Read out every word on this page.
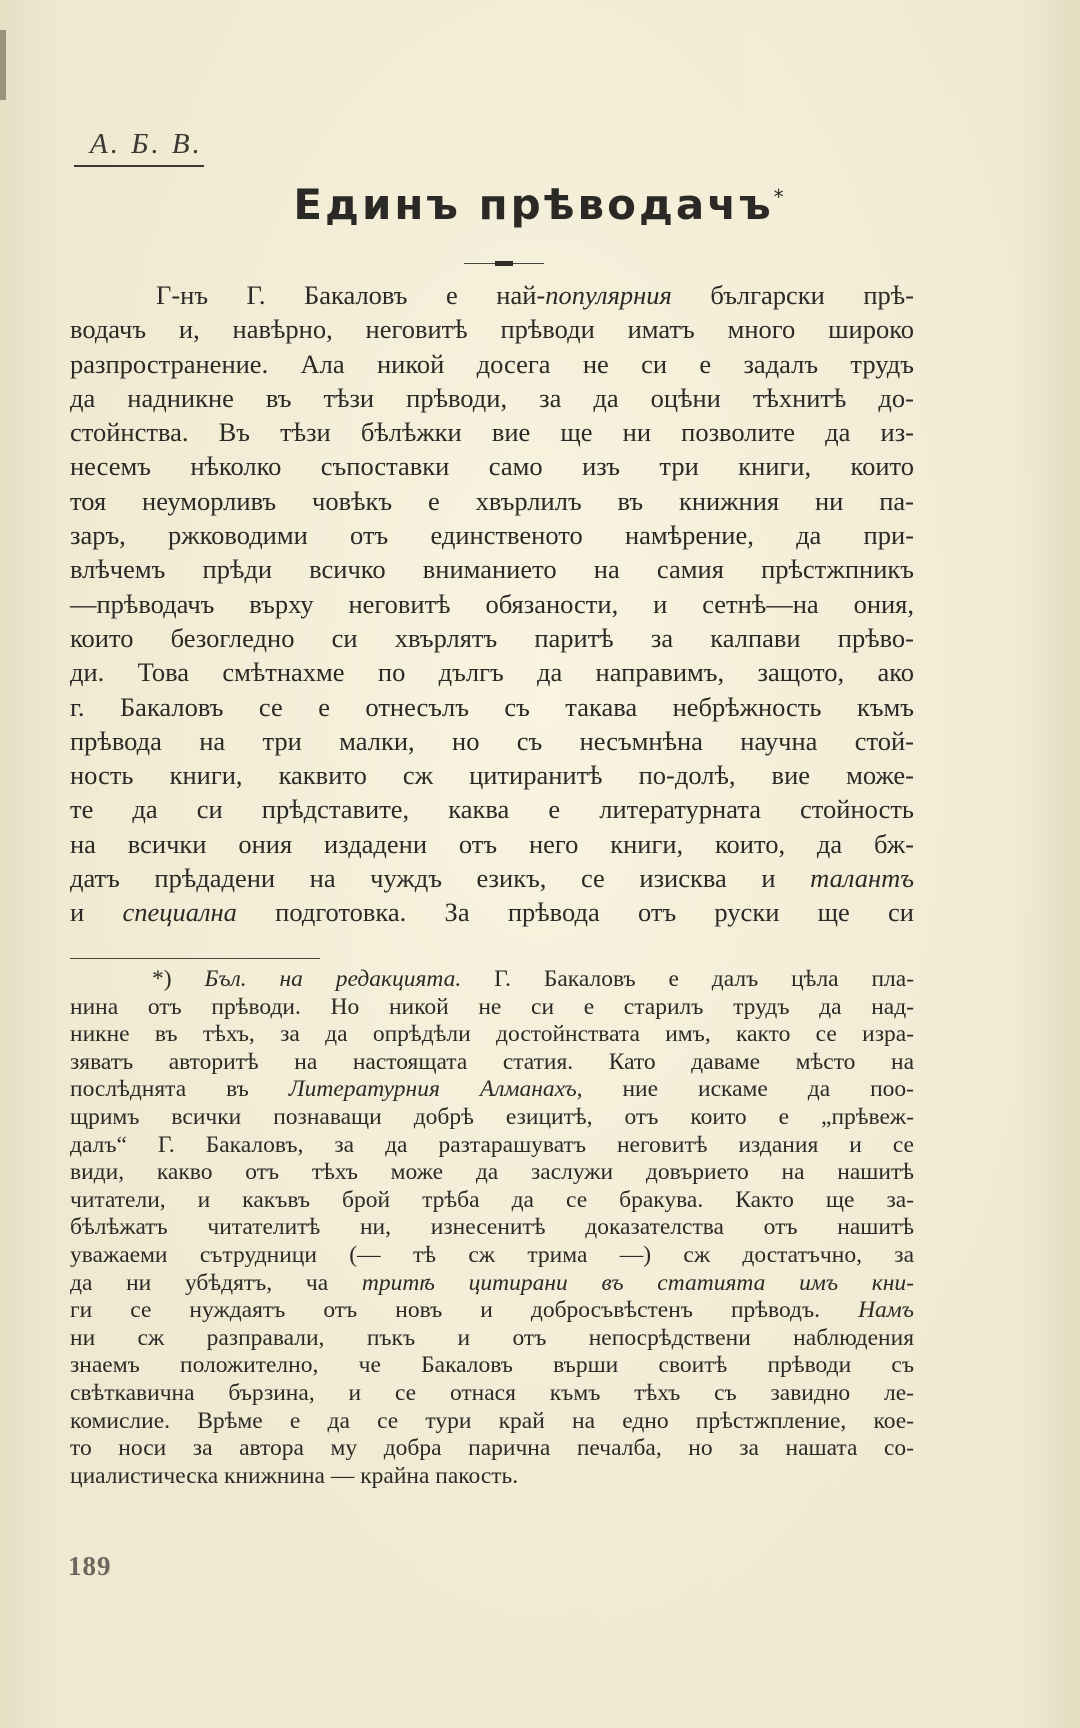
А. Б. В.
Единъ прѣводачъ*
Г-нъ Г. Бакаловъ е най-популярния български прѣ-
водачъ и, навѣрно, неговитѣ прѣводи иматъ много широко
разпространение. Ала никой досега не си е задалъ трудъ
да надникне въ тѣзи прѣводи, за да оцѣни тѣхнитѣ до-
стойнства. Въ тѣзи бѣлѣжки вие ще ни позволите да из-
несемъ нѣколко съпоставки само изъ три книги, които
тоя неуморливъ човѣкъ е хвърлилъ въ книжния ни па-
заръ, ржководими отъ единственото намѣрение, да при-
влѣчемъ прѣди всичко вниманието на самия прѣстжпникъ
—прѣводачъ върху неговитѣ обязаности, и сетнѣ—на ония,
които безогледно си хвърлятъ паритѣ за калпави прѣво-
ди. Това смѣтнахме по дългъ да направимъ, защото, ако
г. Бакаловъ се е отнесълъ съ такава небрѣжность къмъ
прѣвода на три малки, но съ несъмнѣна научна стой-
ность книги, каквито сж цитиранитѣ по-долѣ, вие може-
те да си прѣдставите, каква е литературната стойность
на всички ония издадени отъ него книги, които, да бж-
датъ прѣдадени на чуждъ езикъ, се изисква и талантъ
и специална подготовка. За прѣвода отъ руски ще си
*) Бъл. на редакцията. Г. Бакаловъ е далъ цѣла пла-
нина отъ прѣводи. Но никой не си е старилъ трудъ да над-
никне въ тѣхъ, за да опрѣдѣли достойнствата имъ, както се изра-
зяватъ авторитѣ на настоящата статия. Като даваме мѣсто на
послѣднята въ Литературния Алманахъ, ние искаме да поо-
щримъ всички познаващи добрѣ езицитѣ, отъ които е „прѣвеж-
далъ“ Г. Бакаловъ, за да разтарашуватъ неговитѣ издания и се
види, какво отъ тѣхъ може да заслужи довърието на нашитѣ
читатели, и какъвъ брой трѣба да се бракува. Както ще за-
бѣлѣжатъ читателитѣ ни, изнесенитѣ доказателства отъ нашитѣ
уважаеми сътрудници (— тѣ сж трима —) сж достатъчно, за
да ни убѣдятъ, ча тритѣ цитирани въ статията имъ кни-
ги се нуждаятъ отъ новъ и добросъвѣстенъ прѣводъ. Намъ
ни сж разправали, пъкъ и отъ непосрѣдствени наблюдения
знаемъ положително, че Бакаловъ върши своитѣ прѣводи съ
свѣткавична бързина, и се отнася къмъ тѣхъ съ завидно ле-
комислие. Врѣме е да се тури край на едно прѣстжпление, кое-
то носи за автора му добра парична печалба, но за нашата со-
циалистическа книжнина — крайна пакость.
189
